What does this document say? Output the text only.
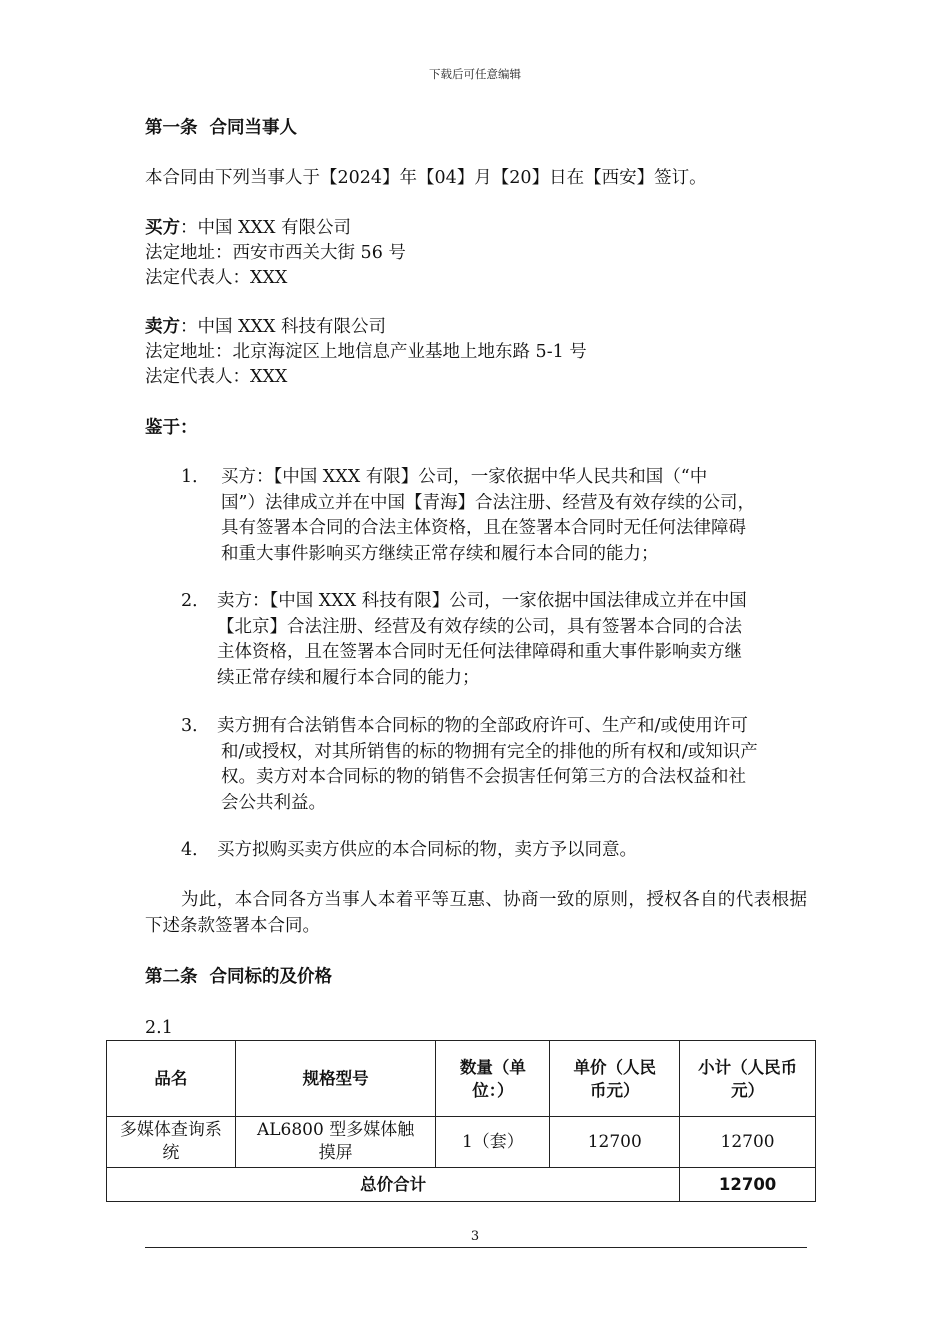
下载后可任意编辑
第一条 合同当事人
本合同由下列当事人于【2024】年【04】月【20】日在【西安】签订。
买方：中国 XXX 有限公司
法定地址：西安市西关大街 56 号
法定代表人：XXX
卖方：中国 XXX 科技有限公司
法定地址：北京海淀区上地信息产业基地上地东路 5-1 号
法定代表人：XXX
鉴于：
1． 买方：【中国 XXX 有限】公司，一家依据中华人民共和国（“中
国”）法律成立并在中国【青海】合法注册、经营及有效存续的公司，
具有签署本合同的合法主体资格，且在签署本合同时无任何法律障碍
和重大事件影响买方继续正常存续和履行本合同的能力；
2． 卖方：【中国 XXX 科技有限】公司，一家依据中国法律成立并在中国
【北京】合法注册、经营及有效存续的公司，具有签署本合同的合法
主体资格，且在签署本合同时无任何法律障碍和重大事件影响卖方继
续正常存续和履行本合同的能力；
3． 卖方拥有合法销售本合同标的物的全部政府许可、生产和/或使用许可
和/或授权，对其所销售的标的物拥有完全的排他的所有权和/或知识产
权。卖方对本合同标的物的销售不会损害任何第三方的合法权益和社
会公共利益。
4． 买方拟购买卖方供应的本合同标的物，卖方予以同意。
为此，本合同各方当事人本着平等互惠、协商一致的原则，授权各自的代表根据下述条款签署本合同。
第二条 合同标的及价格
2.1
品名	规格型号	数量（单位：）	单价（人民币元）	小计（人民币元）
多媒体查询系统	AL6800 型多媒体触摸屏	1（套）	12700	12700
总价合计				12700
3
